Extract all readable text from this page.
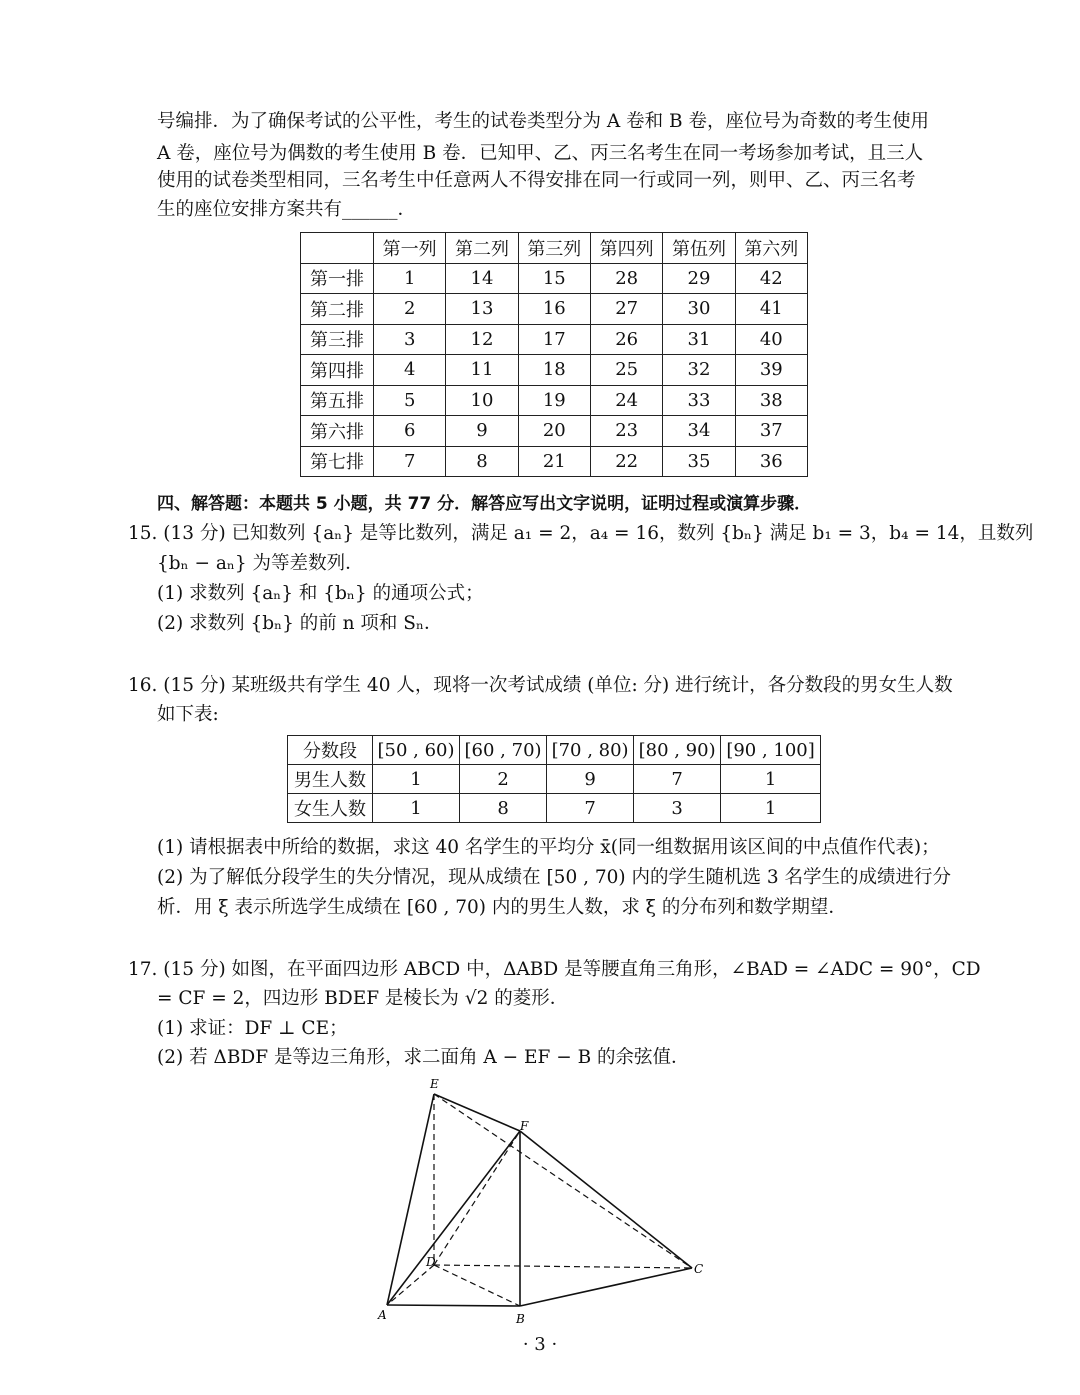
号编排．为了确保考试的公平性，考生的试卷类型分为 A 卷和 B 卷，座位号为奇数的考生使用
A 卷，座位号为偶数的考生使用 B 卷．已知甲、乙、丙三名考生在同一考场参加考试，且三人
使用的试卷类型相同，三名考生中任意两人不得安排在同一行或同一列，则甲、乙、丙三名考
生的座位安排方案共有______．
	第一列	第二列	第三列	第四列	第伍列	第六列
第一排	1	14	15	28	29	42
第二排	2	13	16	27	30	41
第三排	3	12	17	26	31	40
第四排	4	11	18	25	32	39
第五排	5	10	19	24	33	38
第六排	6	9	20	23	34	37
第七排	7	8	21	22	35	36
四、解答题：本题共 5 小题，共 77 分．解答应写出文字说明，证明过程或演算步骤．
15. (13 分) 已知数列 {aₙ} 是等比数列，满足 a₁ = 2，a₄ = 16，数列 {bₙ} 满足 b₁ = 3，b₄ = 14，且数列
{bₙ − aₙ} 为等差数列．
(1) 求数列 {aₙ} 和 {bₙ} 的通项公式；
(2) 求数列 {bₙ} 的前 n 项和 Sₙ．
16. (15 分) 某班级共有学生 40 人，现将一次考试成绩 (单位: 分) 进行统计，各分数段的男女生人数
如下表:
分数段	[50 , 60)	[60 , 70)	[70 , 80)	[80 , 90)	[90 , 100]
男生人数	1	2	9	7	1
女生人数	1	8	7	3	1
(1) 请根据表中所给的数据，求这 40 名学生的平均分 x̄(同一组数据用该区间的中点值作代表)；
(2) 为了解低分段学生的失分情况，现从成绩在 [50 , 70) 内的学生随机选 3 名学生的成绩进行分
析．用 ξ 表示所选学生成绩在 [60 , 70) 内的男生人数，求 ξ 的分布列和数学期望．
17. (15 分) 如图，在平面四边形 ABCD 中，ΔABD 是等腰直角三角形，∠BAD = ∠ADC = 90°，CD
= CF = 2，四边形 BDEF 是棱长为 √2 的菱形．
(1) 求证：DF ⊥ CE；
(2) 若 ΔBDF 是等边三角形，求二面角 A − EF − B 的余弦值．
E
F
D	C
A	B
· 3 ·
